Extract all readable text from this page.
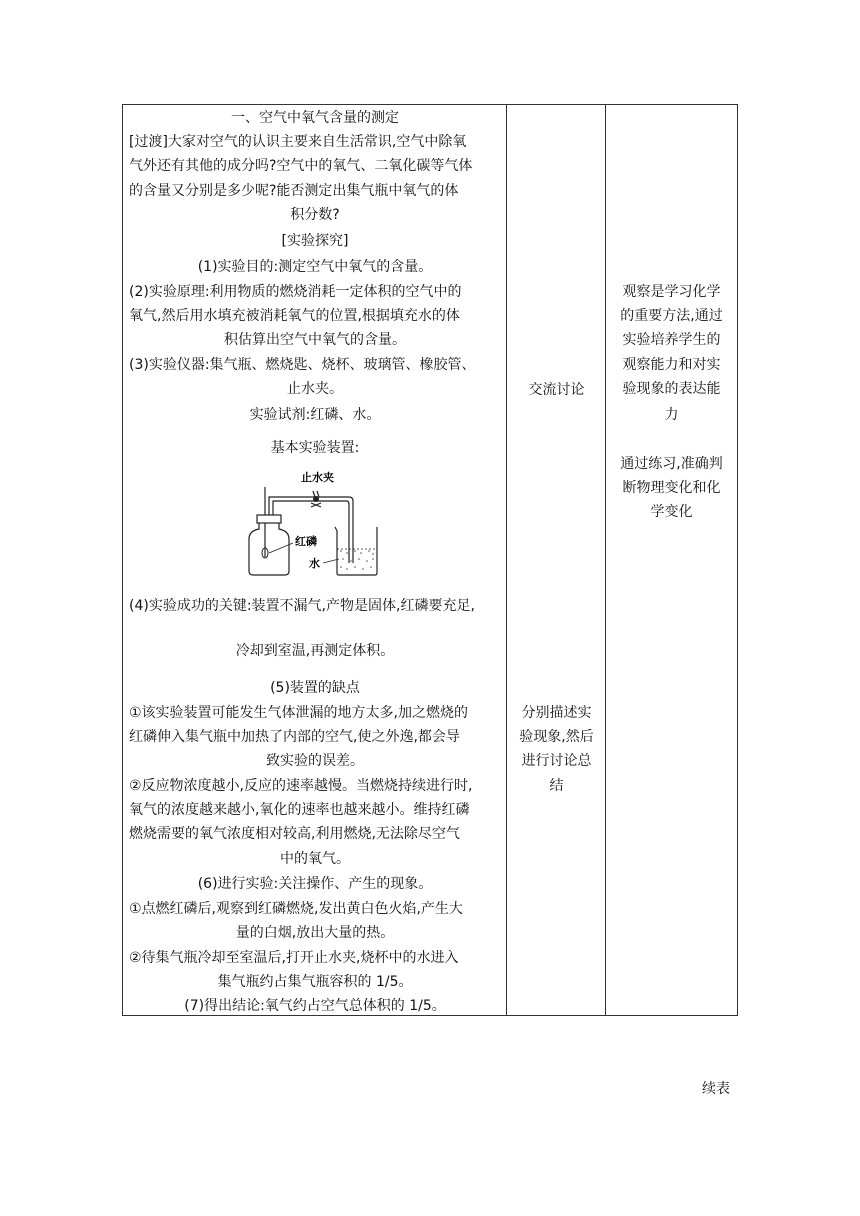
一、空气中氧气含量的测定
[过渡]大家对空气的认识主要来自生活常识,空气中除氧
气外还有其他的成分吗?空气中的氧气、二氧化碳等气体
的含量又分别是多少呢?能否测定出集气瓶中氧气的体
积分数?
[实验探究]
(1)实验目的:测定空气中氧气的含量。
(2)实验原理:利用物质的燃烧消耗一定体积的空气中的
氧气,然后用水填充被消耗氧气的位置,根据填充水的体
积估算出空气中氧气的含量。
(3)实验仪器:集气瓶、燃烧匙、烧杯、玻璃管、橡胶管、
止水夹。
实验试剂:红磷、水。
基本实验装置:
止水夹
红磷
水
(4)实验成功的关键:装置不漏气,产物是固体,红磷要充足,
冷却到室温,再测定体积。
(5)装置的缺点
①该实验装置可能发生气体泄漏的地方太多,加之燃烧的
红磷伸入集气瓶中加热了内部的空气,使之外逸,都会导
致实验的误差。
②反应物浓度越小,反应的速率越慢。当燃烧持续进行时,
氧气的浓度越来越小,氧化的速率也越来越小。维持红磷
燃烧需要的氧气浓度相对较高,利用燃烧,无法除尽空气
中的氧气。
(6)进行实验:关注操作、产生的现象。
①点燃红磷后,观察到红磷燃烧,发出黄白色火焰,产生大
量的白烟,放出大量的热。
②待集气瓶冷却至室温后,打开止水夹,烧杯中的水进入
集气瓶约占集气瓶容积的 1/5。
(7)得出结论:氧气约占空气总体积的 1/5。
交流讨论
分别描述实
验现象,然后
进行讨论总
结
观察是学习化学
的重要方法,通过
实验培养学生的
观察能力和对实
验现象的表达能
力
通过练习,准确判
断物理变化和化
学变化
续表
